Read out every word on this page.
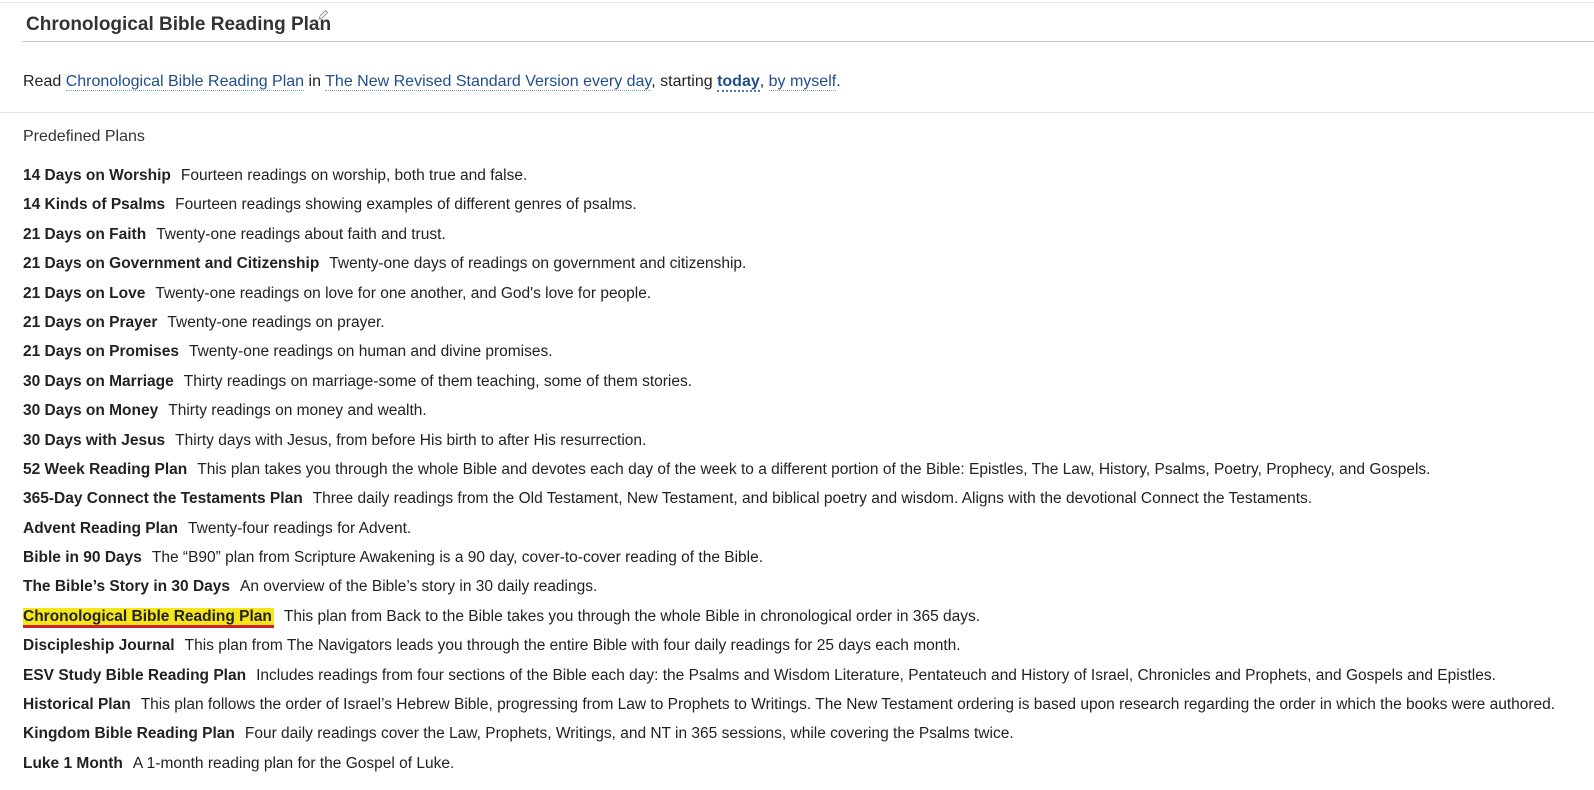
Chronological Bible Reading Plan
Read Chronological Bible Reading Plan in The New Revised Standard Version every day, starting today, by myself.
Predefined Plans
14 Days on Worship Fourteen readings on worship, both true and false.
14 Kinds of Psalms Fourteen readings showing examples of different genres of psalms.
21 Days on Faith Twenty-one readings about faith and trust.
21 Days on Government and Citizenship Twenty-one days of readings on government and citizenship.
21 Days on Love Twenty-one readings on love for one another, and God's love for people.
21 Days on Prayer Twenty-one readings on prayer.
21 Days on Promises Twenty-one readings on human and divine promises.
30 Days on Marriage Thirty readings on marriage-some of them teaching, some of them stories.
30 Days on Money Thirty readings on money and wealth.
30 Days with Jesus Thirty days with Jesus, from before His birth to after His resurrection.
52 Week Reading Plan This plan takes you through the whole Bible and devotes each day of the week to a different portion of the Bible: Epistles, The Law, History, Psalms, Poetry, Prophecy, and Gospels.
365-Day Connect the Testaments Plan Three daily readings from the Old Testament, New Testament, and biblical poetry and wisdom. Aligns with the devotional Connect the Testaments.
Advent Reading Plan Twenty-four readings for Advent.
Bible in 90 Days The “B90” plan from Scripture Awakening is a 90 day, cover-to-cover reading of the Bible.
The Bible’s Story in 30 Days An overview of the Bible’s story in 30 daily readings.
Chronological Bible Reading Plan This plan from Back to the Bible takes you through the whole Bible in chronological order in 365 days.
Discipleship Journal This plan from The Navigators leads you through the entire Bible with four daily readings for 25 days each month.
ESV Study Bible Reading Plan Includes readings from four sections of the Bible each day: the Psalms and Wisdom Literature, Pentateuch and History of Israel, Chronicles and Prophets, and Gospels and Epistles.
Historical Plan This plan follows the order of Israel’s Hebrew Bible, progressing from Law to Prophets to Writings. The New Testament ordering is based upon research regarding the order in which the books were authored.
Kingdom Bible Reading Plan Four daily readings cover the Law, Prophets, Writings, and NT in 365 sessions, while covering the Psalms twice.
Luke 1 Month A 1-month reading plan for the Gospel of Luke.
